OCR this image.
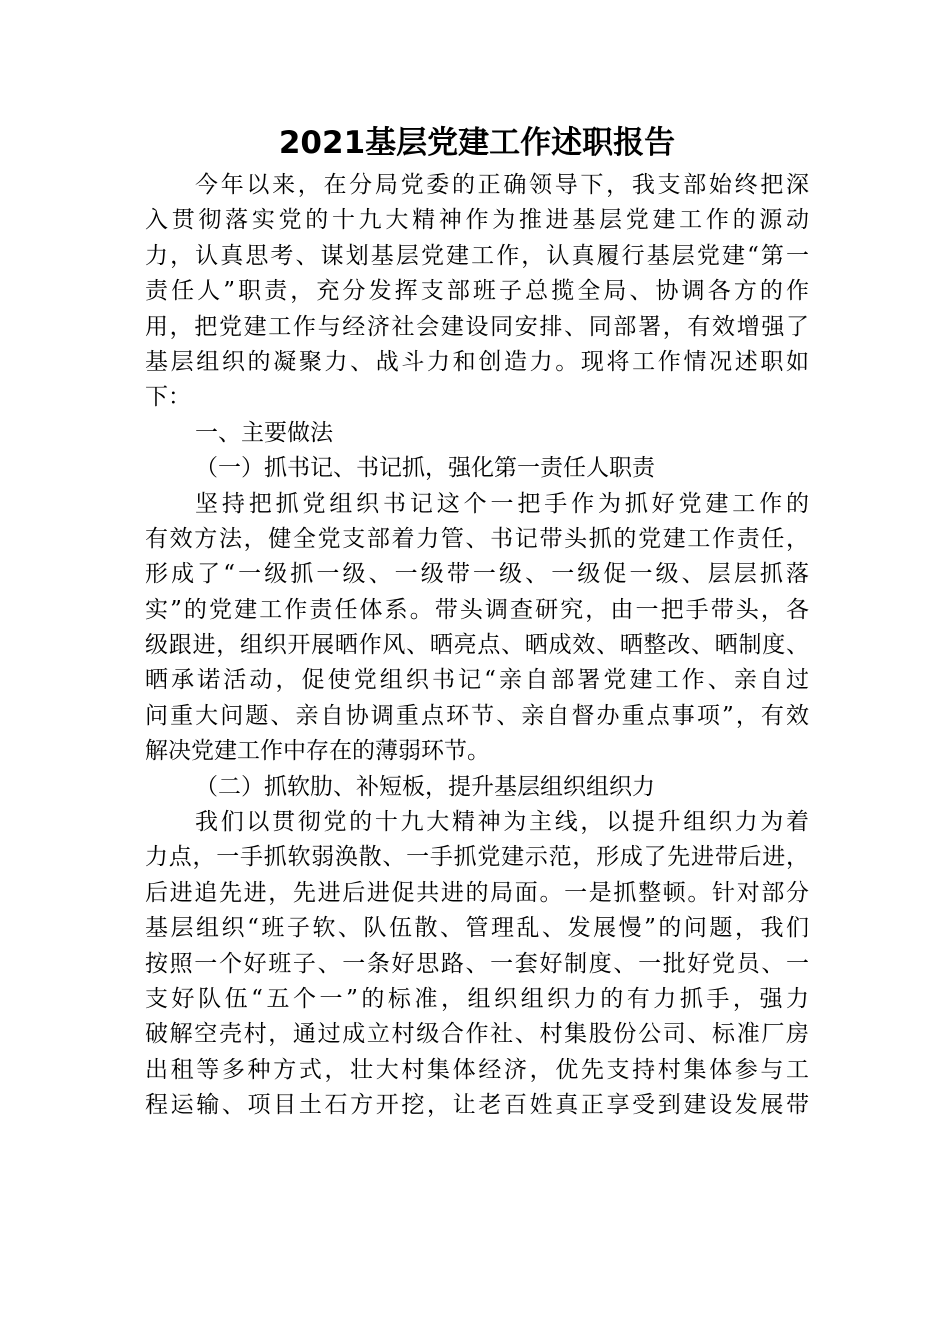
2021基层党建工作述职报告
今年以来，在分局党委的正确领导下，我支部始终把深
入贯彻落实党的十九大精神作为推进基层党建工作的源动
力，认真思考、谋划基层党建工作，认真履行基层党建“第一
责任人”职责，充分发挥支部班子总揽全局、协调各方的作
用，把党建工作与经济社会建设同安排、同部署，有效增强了
基层组织的凝聚力、战斗力和创造力。现将工作情况述职如
下：
一、主要做法
（一）抓书记、书记抓，强化第一责任人职责
坚持把抓党组织书记这个一把手作为抓好党建工作的
有效方法，健全党支部着力管、书记带头抓的党建工作责任，
形成了“一级抓一级、一级带一级、一级促一级、层层抓落
实”的党建工作责任体系。带头调查研究，由一把手带头，各
级跟进，组织开展晒作风、晒亮点、晒成效、晒整改、晒制度、
晒承诺活动，促使党组织书记“亲自部署党建工作、亲自过
问重大问题、亲自协调重点环节、亲自督办重点事项”，有效
解决党建工作中存在的薄弱环节。
（二）抓软肋、补短板，提升基层组织组织力
我们以贯彻党的十九大精神为主线，以提升组织力为着
力点，一手抓软弱涣散、一手抓党建示范，形成了先进带后进，
后进追先进，先进后进促共进的局面。一是抓整顿。针对部分
基层组织“班子软、队伍散、管理乱、发展慢”的问题，我们
按照一个好班子、一条好思路、一套好制度、一批好党员、一
支好队伍“五个一”的标准，组织组织力的有力抓手，强力
破解空壳村，通过成立村级合作社、村集股份公司、标准厂房
出租等多种方式，壮大村集体经济，优先支持村集体参与工
程运输、项目土石方开挖，让老百姓真正享受到建设发展带
